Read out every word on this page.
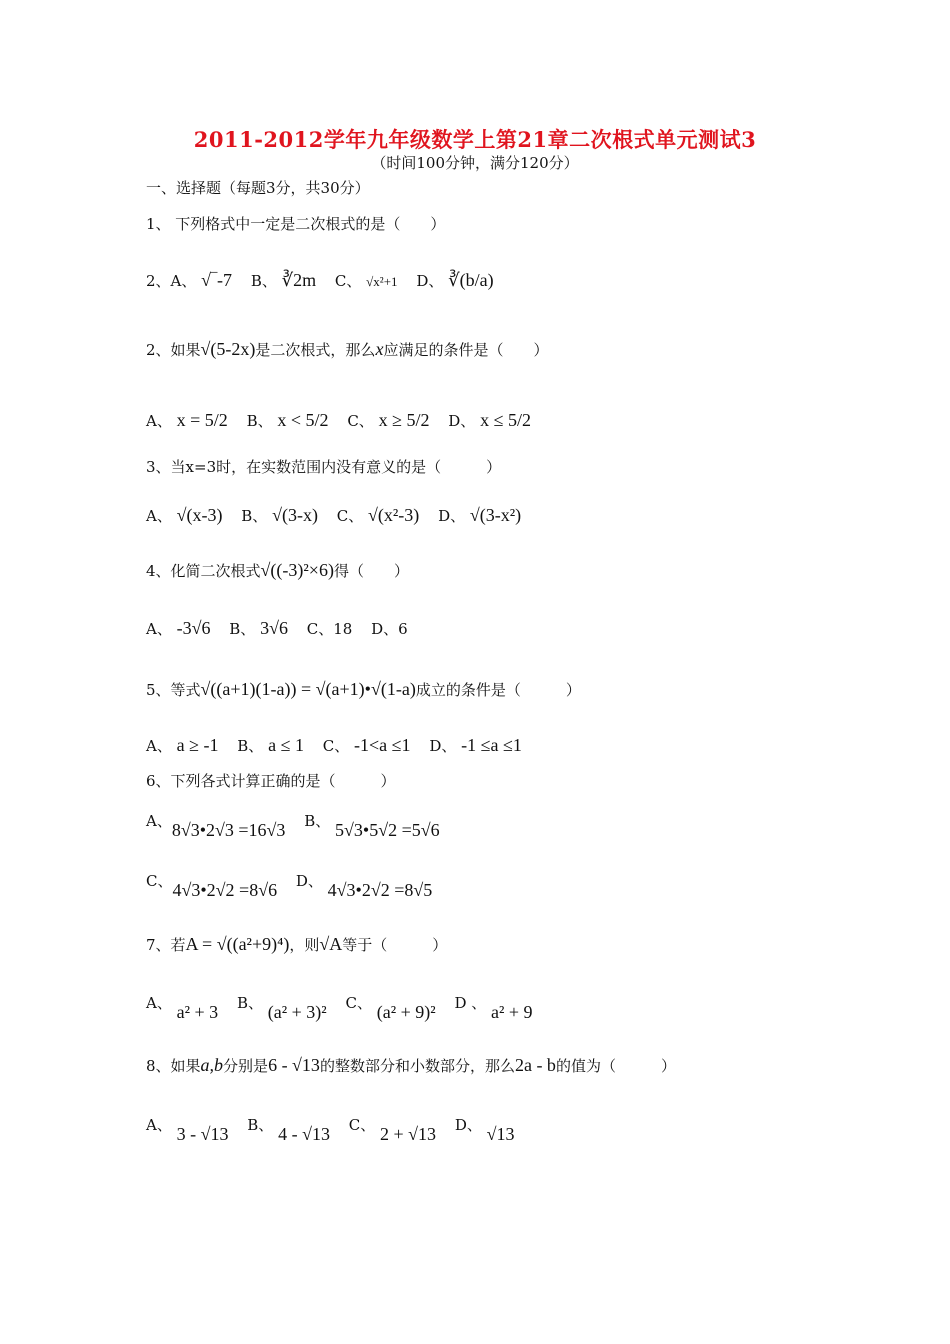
2011-2012学年九年级数学上第21章二次根式单元测试3
（时间100分钟，满分120分）
一、选择题（每题3分，共30分）
1、 下列格式中一定是二次根式的是（　　）
2、A、 √‾-7 B、 ∛2m C、 √x²+1 D、 ∛(b/a)
2、如果√(5-2x)是二次根式，那么x应满足的条件是（　　）
A、 x = 5/2 B、 x < 5/2 C、 x ≥ 5/2 D、 x ≤ 5/2
3、当x=3时，在实数范围内没有意义的是（　　　）
A、 √(x-3) B、 √(3-x) C、 √(x²-3) D、 √(3-x²)
4、化简二次根式√((-3)²×6)得（　　）
A、 -3√6 B、 3√6 C、18 D、6
5、等式√((a+1)(1-a)) = √(a+1)•√(1-a)成立的条件是（　　　）
A、 a ≥ -1 B、 a ≤ 1 C、 -1<a ≤1 D、 -1 ≤a ≤1
6、下列各式计算正确的是（　　　）
A、8√3•2√3 =16√3 B、 5√3•5√2 =5√6
C、4√3•2√2 =8√6 D、 4√3•2√2 =8√5
7、若A = √((a²+9)⁴)，则√A等于（　　　）
A、 a² + 3 B、 (a² + 3)² C、 (a² + 9)² D 、 a² + 9
8、如果a,b分别是6 - √13的整数部分和小数部分，那么2a - b的值为（　　　）
A、 3 - √13 B、 4 - √13 C、 2 + √13 D、 √13
